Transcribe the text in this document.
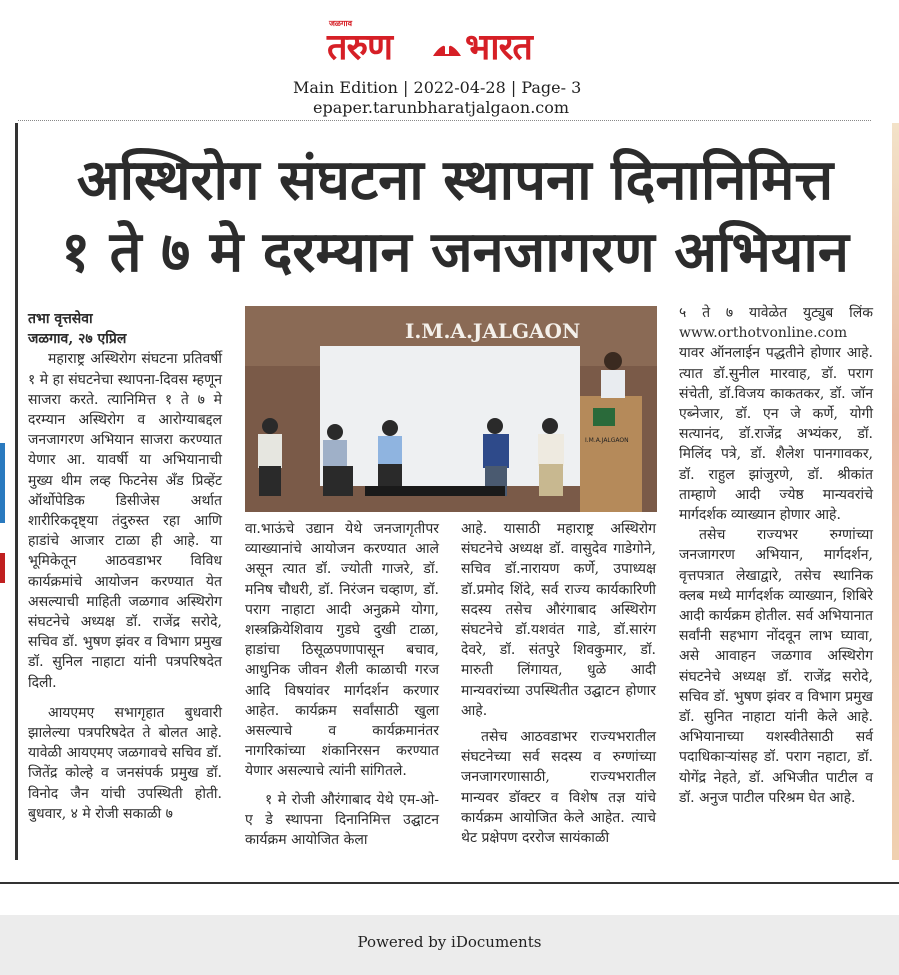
जळगाव
तरुण भारत
Main Edition | 2022-04-28 | Page- 3
epaper.tarunbharatjalgaon.com
अस्थिरोग संघटना स्थापना दिनानिमित्त
१ ते ७ मे दरम्यान जनजागरण अभियान

तभा वृत्तसेवा

जळगाव, २७ एप्रिल

महाराष्ट्र अस्थिरोग संघटना प्रतिवर्षी १ मे हा संघटनेचा स्थापना-दिवस म्हणून साजरा करते. त्यानिमित्त १ ते ७ मे दरम्यान अस्थिरोग व आरोग्याबद्दल जनजागरण अभियान साजरा करण्यात येणार आ. यावर्षी या अभियानाची मुख्य थीम लव्ह फिटनेस अँड प्रिव्हेंट ऑर्थोपेडिक डिसीजेस अर्थात शारीरिकदृष्ट्या तंदुरुस्त रहा आणि हाडांचे आजार टाळा ही आहे. या भूमिकेतून आठवडाभर विविध कार्यक्रमांचे आयोजन करण्यात येत असल्याची माहिती जळगाव अस्थिरोग संघटनेचे अध्यक्ष डॉ. राजेंद्र सरोदे, सचिव डॉ. भुषण झंवर व विभाग प्रमुख डॉ. सुनिल नाहाटा यांनी पत्रपरिषदेत दिली.

आयएमए सभागृहात बुधवारी झालेल्या पत्रपरिषदेत ते बोलत आहे. यावेळी आयएमए जळगावचे सचिव डॉ. जितेंद्र कोल्हे व जनसंपर्क प्रमुख डॉ. विनोद जैन यांची उपस्थिती होती. बुधवार, ४ मे रोजी सकाळी ७

I.M.A.JALGAON
I.M.A.JALGAON

वा.भाऊंचे उद्यान येथे जनजागृतीपर व्याख्यानांचे आयोजन करण्यात आले असून त्यात डॉ. ज्योती गाजरे, डॉ. मनिष चौधरी, डॉ. निरंजन चव्हाण, डॉ. पराग नाहाटा आदी अनुक्रमे योगा, शस्त्रक्रियेशिवाय गुडघे दुखी टाळा, हाडांचा ठिसूळपणापासून बचाव, आधुनिक जीवन शैली काळाची गरज आदि विषयांवर मार्गदर्शन करणार आहेत. कार्यक्रम सर्वांसाठी खुला असल्याचे व कार्यक्रमानंतर नागरिकांच्या शंकानिरसन करण्यात येणार असल्याचे त्यांनी सांगितले.

१ मे रोजी औरंगाबाद येथे एम-ओ-ए डे स्थापना दिनानिमित्त उद्घाटन कार्यक्रम आयोजित केला

आहे. यासाठी महाराष्ट्र अस्थिरोग संघटनेचे अध्यक्ष डॉ. वासुदेव गाडेगोने, सचिव डॉ.नारायण कर्णे, उपाध्यक्ष डॉ.प्रमोद शिंदे, सर्व राज्य कार्यकारिणी सदस्य तसेच औरंगाबाद अस्थिरोग संघटनेचे डॉ.यशवंत गाडे, डॉ.सारंग देवरे, डॉ. संतपुरे शिवकुमार, डॉ. मारुती लिंगायत, धुळे आदी मान्यवरांच्या उपस्थितीत उद्घाटन होणार आहे.

तसेच आठवडाभर राज्यभरातील संघटनेच्या सर्व सदस्य व रुग्णांच्या जनजागरणासाठी, राज्यभरातील मान्यवर डॉक्टर व विशेष तज्ञ यांचे कार्यक्रम आयोजित केले आहेत. त्याचे थेट प्रक्षेपण दररोज सायंकाळी

५ ते ७ यावेळेत युट्युब लिंक www.orthotvonline.com यावर ऑनलाईन पद्धतीने होणार आहे. त्यात डॉ.सुनील मारवाह, डॉ. पराग संचेती, डॉ.विजय काकतकर, डॉ. जॉन एब्नेजार, डॉ. एन जे कर्णे, योगी सत्यानंद, डॉ.राजेंद्र अभ्यंकर, डॉ. मिलिंद पत्रे, डॉ. शैलेश पानगावकर, डॉ. राहुल झांजुरणे, डॉ. श्रीकांत ताम्हाणे आदी ज्येष्ठ मान्यवरांचे मार्गदर्शक व्याख्यान होणार आहे.

तसेच राज्यभर रुग्णांच्या जनजागरण अभियान, मार्गदर्शन, वृत्तपत्रात लेखाद्वारे, तसेच स्थानिक क्लब मध्ये मार्गदर्शक व्याख्यान, शिबिरे आदी कार्यक्रम होतील. सर्व अभियानात सर्वांनी सहभाग नोंदवून लाभ घ्यावा, असे आवाहन जळगाव अस्थिरोग संघटनेचे अध्यक्ष डॉ. राजेंद्र सरोदे, सचिव डॉ. भुषण झंवर व विभाग प्रमुख डॉ. सुनित नाहाटा यांनी केले आहे. अभियानाच्या यशस्वीतेसाठी सर्व पदाधिकाऱ्यांसह डॉ. पराग नहाटा, डॉ. योगेंद्र नेहते, डॉ. अभिजीत पाटील व डॉ. अनुज पाटील परिश्रम घेत आहे.

Powered by iDocuments
